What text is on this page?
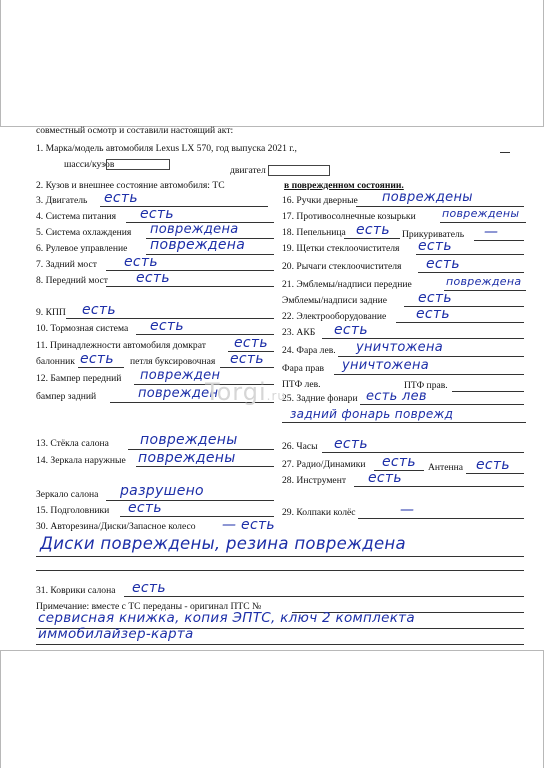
совместный осмотр и составили настоящий акт:
1. Марка/модель автомобиля Lexus LX 570, год выпуска 2021 г.,
шасси/кузов
двигател
2. Кузов и внешнее состояние автомобиля: ТС	в поврежденном состоянии.
3. Двигатель есть
4. Система питания есть
5. Система охлаждения повреждена
6. Рулевое управление повреждена
7. Задний мост есть
8. Передний мост есть
9. КПП есть
10. Тормозная система есть
11. Принадлежности автомобиля домкрат есть
балонник есть петля буксировочная есть
12. Бампер передний поврежден
бампер задний	поврежден
13. Стёкла салона повреждены
14. Зеркала наружные повреждены
Зеркало салона разрушено
15. Подголовники есть
16. Ручки дверные повреждены
17. Противосолнечные козырьки повреждены
18. Пепельница есть Прикуриватель —
19. Щетки стеклоочистителя есть
20. Рычаги стеклоочистителя есть
21. Эмблемы/надписи передние	повреждена
Эмблемы/надписи задние есть
22. Электрооборудование есть
23. АКБ есть
24. Фара лев. уничтожена
Фара прав уничтожена
ПТФ лев.	ПТФ прав.
25. Задние фонари есть лев
задний фонарь поврежд
26. Часы есть
27. Радио/Динамики есть Антенна есть
28. Инструмент есть
29. Колпаки колёс	—
30. Авторезина/Диски/Запасное колесо — есть
Диски повреждены, резина повреждена
31. Коврики салона есть
Примечание: вместе с ТС переданы - оригинал ПТС №
сервисная книжка, копия ЭПТС, ключ 2 комплекта
иммобилайзер-карта
Torgi.ru
